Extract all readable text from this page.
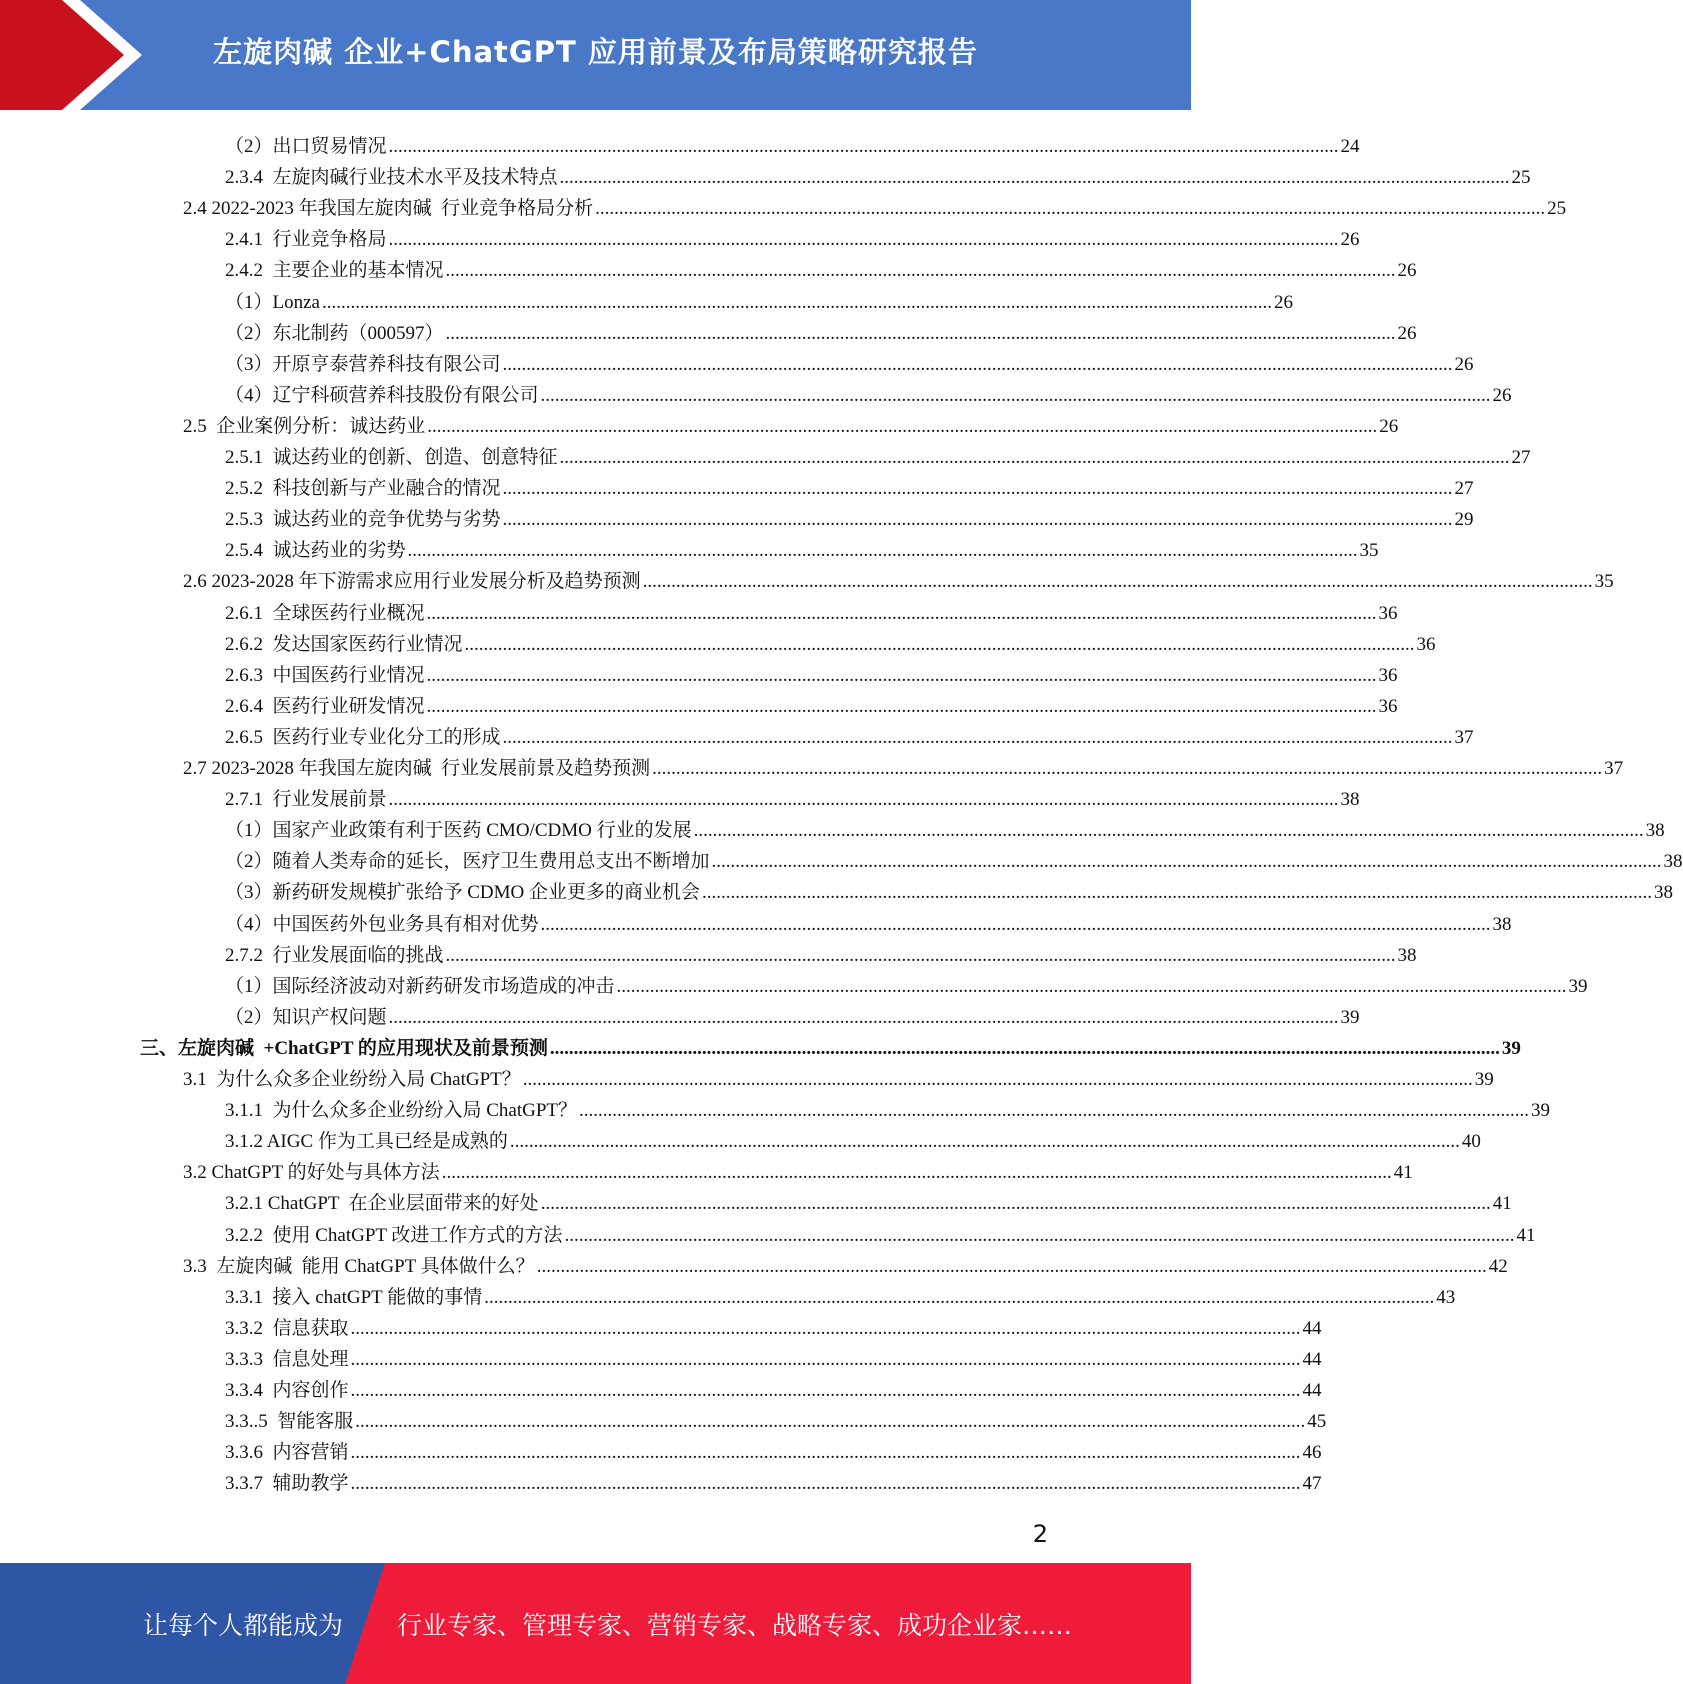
左旋肉碱 企业+ChatGPT 应用前景及布局策略研究报告
（2）出口贸易情况 ........................................................................................................................................................................................................ 24
2.3.4  左旋肉碱行业技术水平及技术特点 ........................................................................................................................................................................................................ 25
2.4 2022-2023 年我国左旋肉碱  行业竞争格局分析 ........................................................................................................................................................................................................ 25
2.4.1  行业竞争格局 ........................................................................................................................................................................................................ 26
2.4.2  主要企业的基本情况 ........................................................................................................................................................................................................ 26
（1）Lonza ........................................................................................................................................................................................................ 26
（2）东北制药（000597） ........................................................................................................................................................................................................ 26
（3）开原亨泰营养科技有限公司 ........................................................................................................................................................................................................ 26
（4）辽宁科硕营养科技股份有限公司 ........................................................................................................................................................................................................ 26
2.5  企业案例分析：诚达药业 ........................................................................................................................................................................................................ 26
2.5.1  诚达药业的创新、创造、创意特征 ........................................................................................................................................................................................................ 27
2.5.2  科技创新与产业融合的情况 ........................................................................................................................................................................................................ 27
2.5.3  诚达药业的竞争优势与劣势 ........................................................................................................................................................................................................ 29
2.5.4  诚达药业的劣势 ........................................................................................................................................................................................................ 35
2.6 2023-2028 年下游需求应用行业发展分析及趋势预测 ........................................................................................................................................................................................................ 35
2.6.1  全球医药行业概况 ........................................................................................................................................................................................................ 36
2.6.2  发达国家医药行业情况 ........................................................................................................................................................................................................ 36
2.6.3  中国医药行业情况 ........................................................................................................................................................................................................ 36
2.6.4  医药行业研发情况 ........................................................................................................................................................................................................ 36
2.6.5  医药行业专业化分工的形成 ........................................................................................................................................................................................................ 37
2.7 2023-2028 年我国左旋肉碱  行业发展前景及趋势预测 ........................................................................................................................................................................................................ 37
2.7.1  行业发展前景 ........................................................................................................................................................................................................ 38
（1）国家产业政策有利于医药 CMO/CDMO 行业的发展 ........................................................................................................................................................................................................ 38
（2）随着人类寿命的延长，医疗卫生费用总支出不断增加 ........................................................................................................................................................................................................ 38
（3）新药研发规模扩张给予 CDMO 企业更多的商业机会 ........................................................................................................................................................................................................ 38
（4）中国医药外包业务具有相对优势 ........................................................................................................................................................................................................ 38
2.7.2  行业发展面临的挑战 ........................................................................................................................................................................................................ 38
（1）国际经济波动对新药研发市场造成的冲击 ........................................................................................................................................................................................................ 39
（2）知识产权问题 ........................................................................................................................................................................................................ 39
三、左旋肉碱  +ChatGPT 的应用现状及前景预测 ........................................................................................................................................................................................................ 39
3.1  为什么众多企业纷纷入局 ChatGPT？ ........................................................................................................................................................................................................ 39
3.1.1  为什么众多企业纷纷入局 ChatGPT？ ........................................................................................................................................................................................................ 39
3.1.2 AIGC 作为工具已经是成熟的 ........................................................................................................................................................................................................ 40
3.2 ChatGPT 的好处与具体方法 ........................................................................................................................................................................................................ 41
3.2.1 ChatGPT  在企业层面带来的好处 ........................................................................................................................................................................................................ 41
3.2.2  使用 ChatGPT 改进工作方式的方法 ........................................................................................................................................................................................................ 41
3.3  左旋肉碱  能用 ChatGPT 具体做什么？ ........................................................................................................................................................................................................ 42
3.3.1  接入 chatGPT 能做的事情 ........................................................................................................................................................................................................ 43
3.3.2  信息获取 ........................................................................................................................................................................................................ 44
3.3.3  信息处理 ........................................................................................................................................................................................................ 44
3.3.4  内容创作 ........................................................................................................................................................................................................ 44
3.3..5  智能客服 ........................................................................................................................................................................................................ 45
3.3.6  内容营销 ........................................................................................................................................................................................................ 46
3.3.7  辅助教学 ........................................................................................................................................................................................................ 47
2
让每个人都能成为 行业专家、管理专家、营销专家、战略专家、成功企业家……
